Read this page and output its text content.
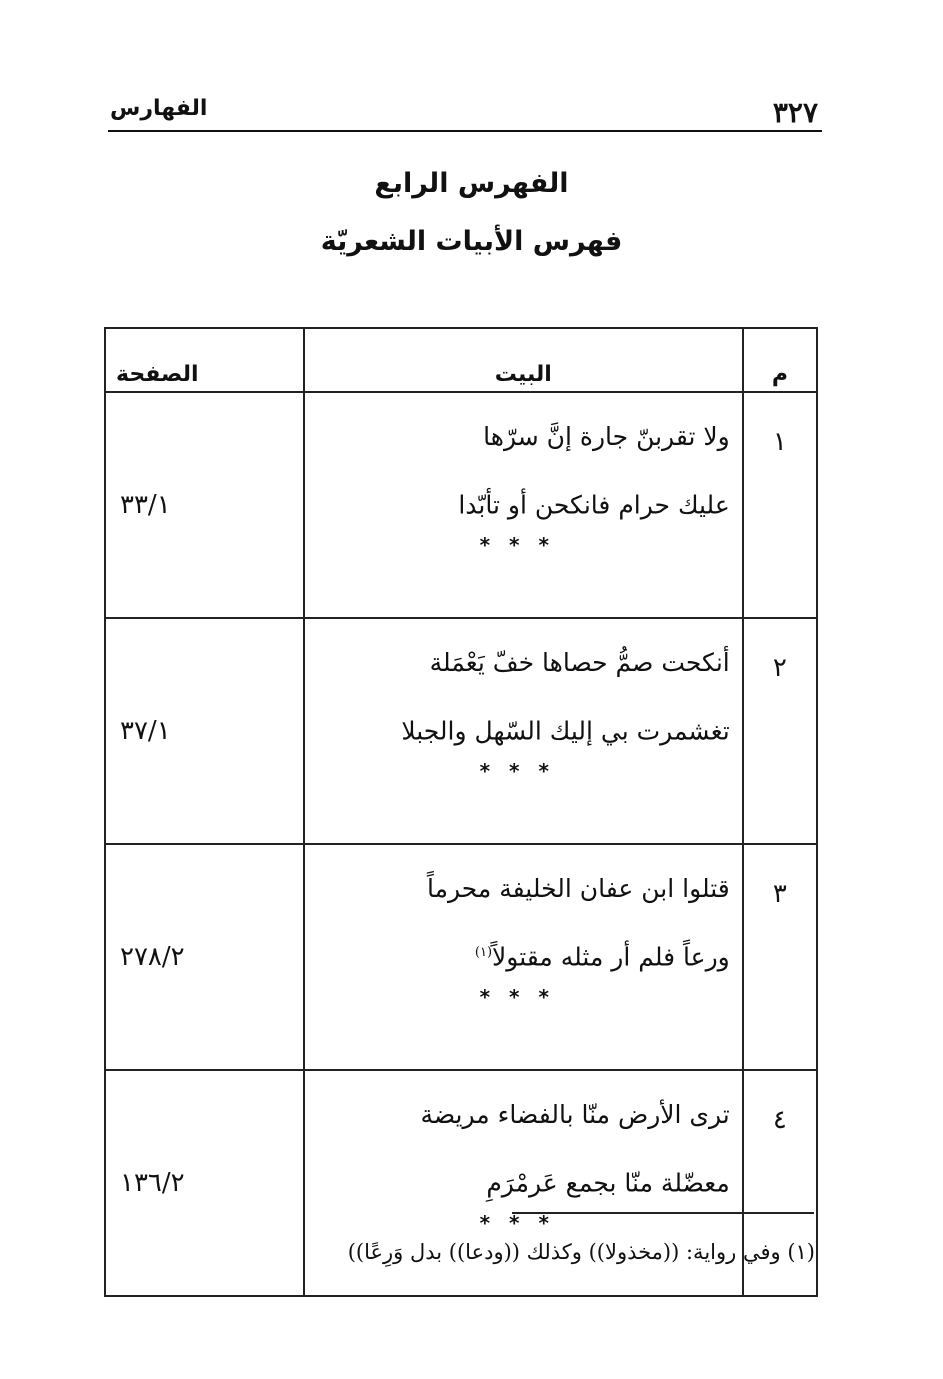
٣٢٧
الفهارس
الفهرس الرابع
فهرس الأبيات الشعريّة
م	البيت	الصفحة
١	ولا تقربنّ جارة إنَّ سرّها
عليك حرام فانكحن أو تأبّدا
* * *	٣٣/١
٢	أنكحت صمُّ حصاها خفّ يَعْمَلة
تغشمرت بي إليك السّهل والجبلا
* * *	٣٧/١
٣	قتلوا ابن عفان الخليفة محرماً
ورعاً فلم أر مثله مقتولاً$^{(١)}$
* * *	٢٧٨/٢
٤	ترى الأرض منّا بالفضاء مريضة
معضّلة منّا بجمع عَرمْرَمِ
* * *	١٣٦/٢
(١) وفي رواية: ((مخذولا)) وكذلك ((ودعا)) بدل وَرِعًا))
